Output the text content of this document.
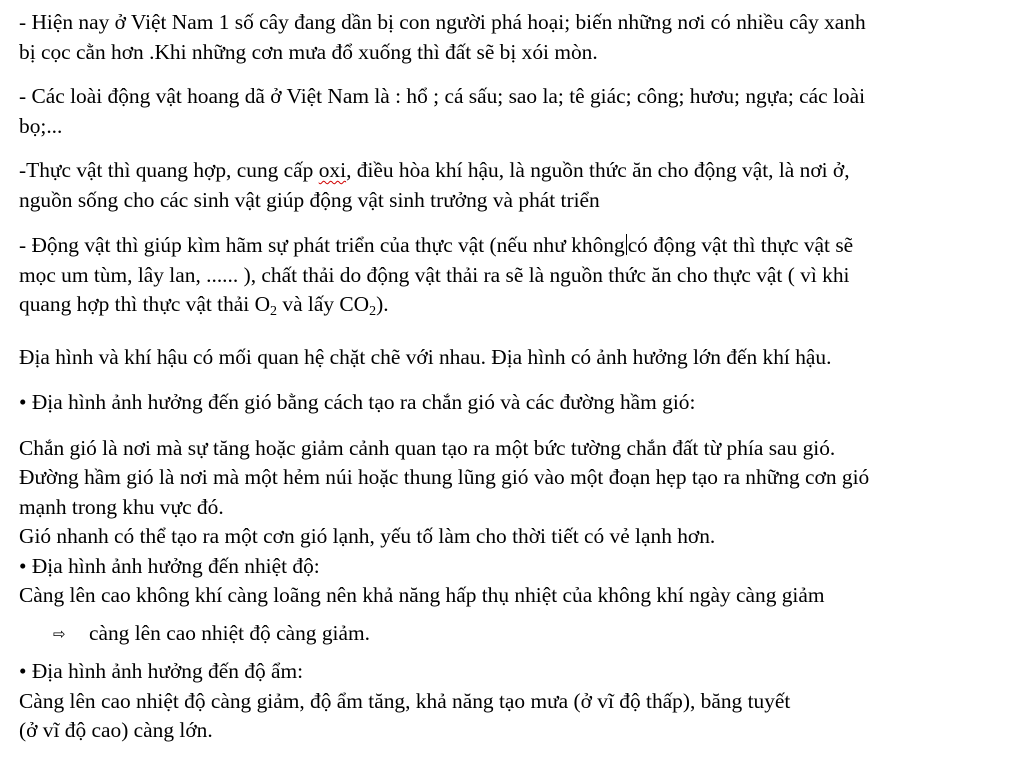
- Hiện nay ở Việt Nam 1 số cây đang dần bị con người phá hoại; biến những nơi có nhiều cây xanh
bị cọc cằn hơn .Khi những cơn mưa đổ xuống thì đất sẽ bị xói mòn.

- Các loài động vật hoang dã ở Việt Nam là : hổ ; cá sấu; sao la; tê giác; công; hươu; ngựa; các loài
bọ;...

-Thực vật thì quang hợp, cung cấp oxi, điều hòa khí hậu, là nguồn thức ăn cho động vật, là nơi ở,
nguồn sống cho các sinh vật giúp động vật sinh trưởng và phát triển

- Động vật thì giúp kìm hãm sự phát triển của thực vật (nếu như không có động vật thì thực vật sẽ
mọc um tùm, lây lan, ...... ), chất thải do động vật thải ra sẽ là nguồn thức ăn cho thực vật ( vì khi
quang hợp thì thực vật thải $O_2$ và lấy $CO_2$).

Địa hình và khí hậu có mối quan hệ chặt chẽ với nhau. Địa hình có ảnh hưởng lớn đến khí hậu.

• Địa hình ảnh hưởng đến gió bằng cách tạo ra chắn gió và các đường hầm gió:

Chắn gió là nơi mà sự tăng hoặc giảm cảnh quan tạo ra một bức tường chắn đất từ phía sau gió.
Đường hầm gió là nơi mà một hẻm núi hoặc thung lũng gió vào một đoạn hẹp tạo ra những cơn gió
mạnh trong khu vực đó.
Gió nhanh có thể tạo ra một cơn gió lạnh, yếu tố làm cho thời tiết có vẻ lạnh hơn.
• Địa hình ảnh hưởng đến nhiệt độ:
Càng lên cao không khí càng loãng nên khả năng hấp thụ nhiệt của không khí ngày càng giảm

⇨ càng lên cao nhiệt độ càng giảm.

• Địa hình ảnh hưởng đến độ ẩm:
Càng lên cao nhiệt độ càng giảm, độ ẩm tăng, khả năng tạo mưa (ở vĩ độ thấp), băng tuyết
(ở vĩ độ cao) càng lớn.
